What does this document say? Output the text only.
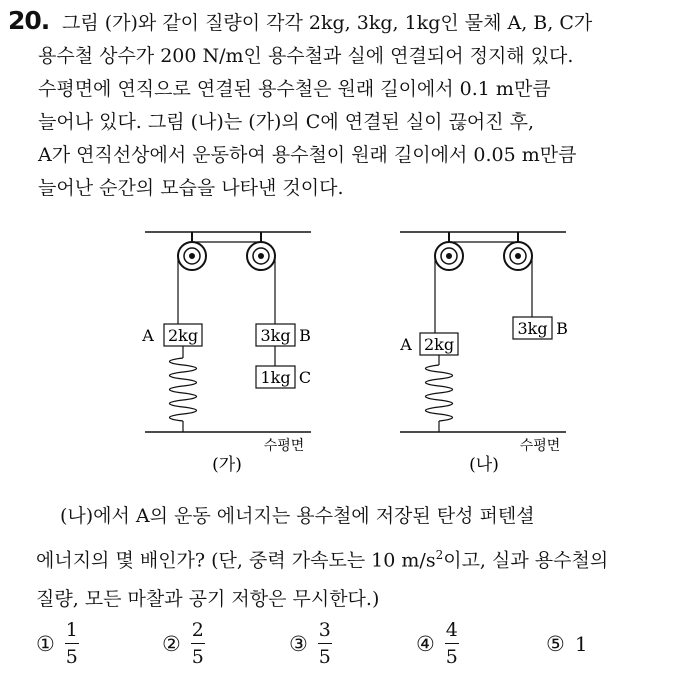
20. 그림 (가)와 같이 질량이 각각 2kg, 3kg, 1kg인 물체 A, B, C가
용수철 상수가 200 N/m인 용수철과 실에 연결되어 정지해 있다.
수평면에 연직으로 연결된 용수철은 원래 길이에서 0.1 m만큼
늘어나 있다. 그림 (나)는 (가)의 C에 연결된 실이 끊어진 후,
A가 연직선상에서 운동하여 용수철이 원래 길이에서 0.05 m만큼
늘어난 순간의 모습을 나타낸 것이다.
2kg
A	3kg B
1kg C
수평면
(가)
3kg B
2kg
A
수평면
(나)
(나)에서 A의 운동 에너지는 용수철에 저장된 탄성 퍼텐셜
에너지의 몇 배인가? (단, 중력 가속도는 10 $m/s^2$이고, 실과 용수철의
질량, 모든 마찰과 공기 저항은 무시한다.)
① $\frac{1}{5}$	② $\frac{2}{5}$	③ $\frac{3}{5}$	④ $\frac{4}{5}$	⑤ 1
